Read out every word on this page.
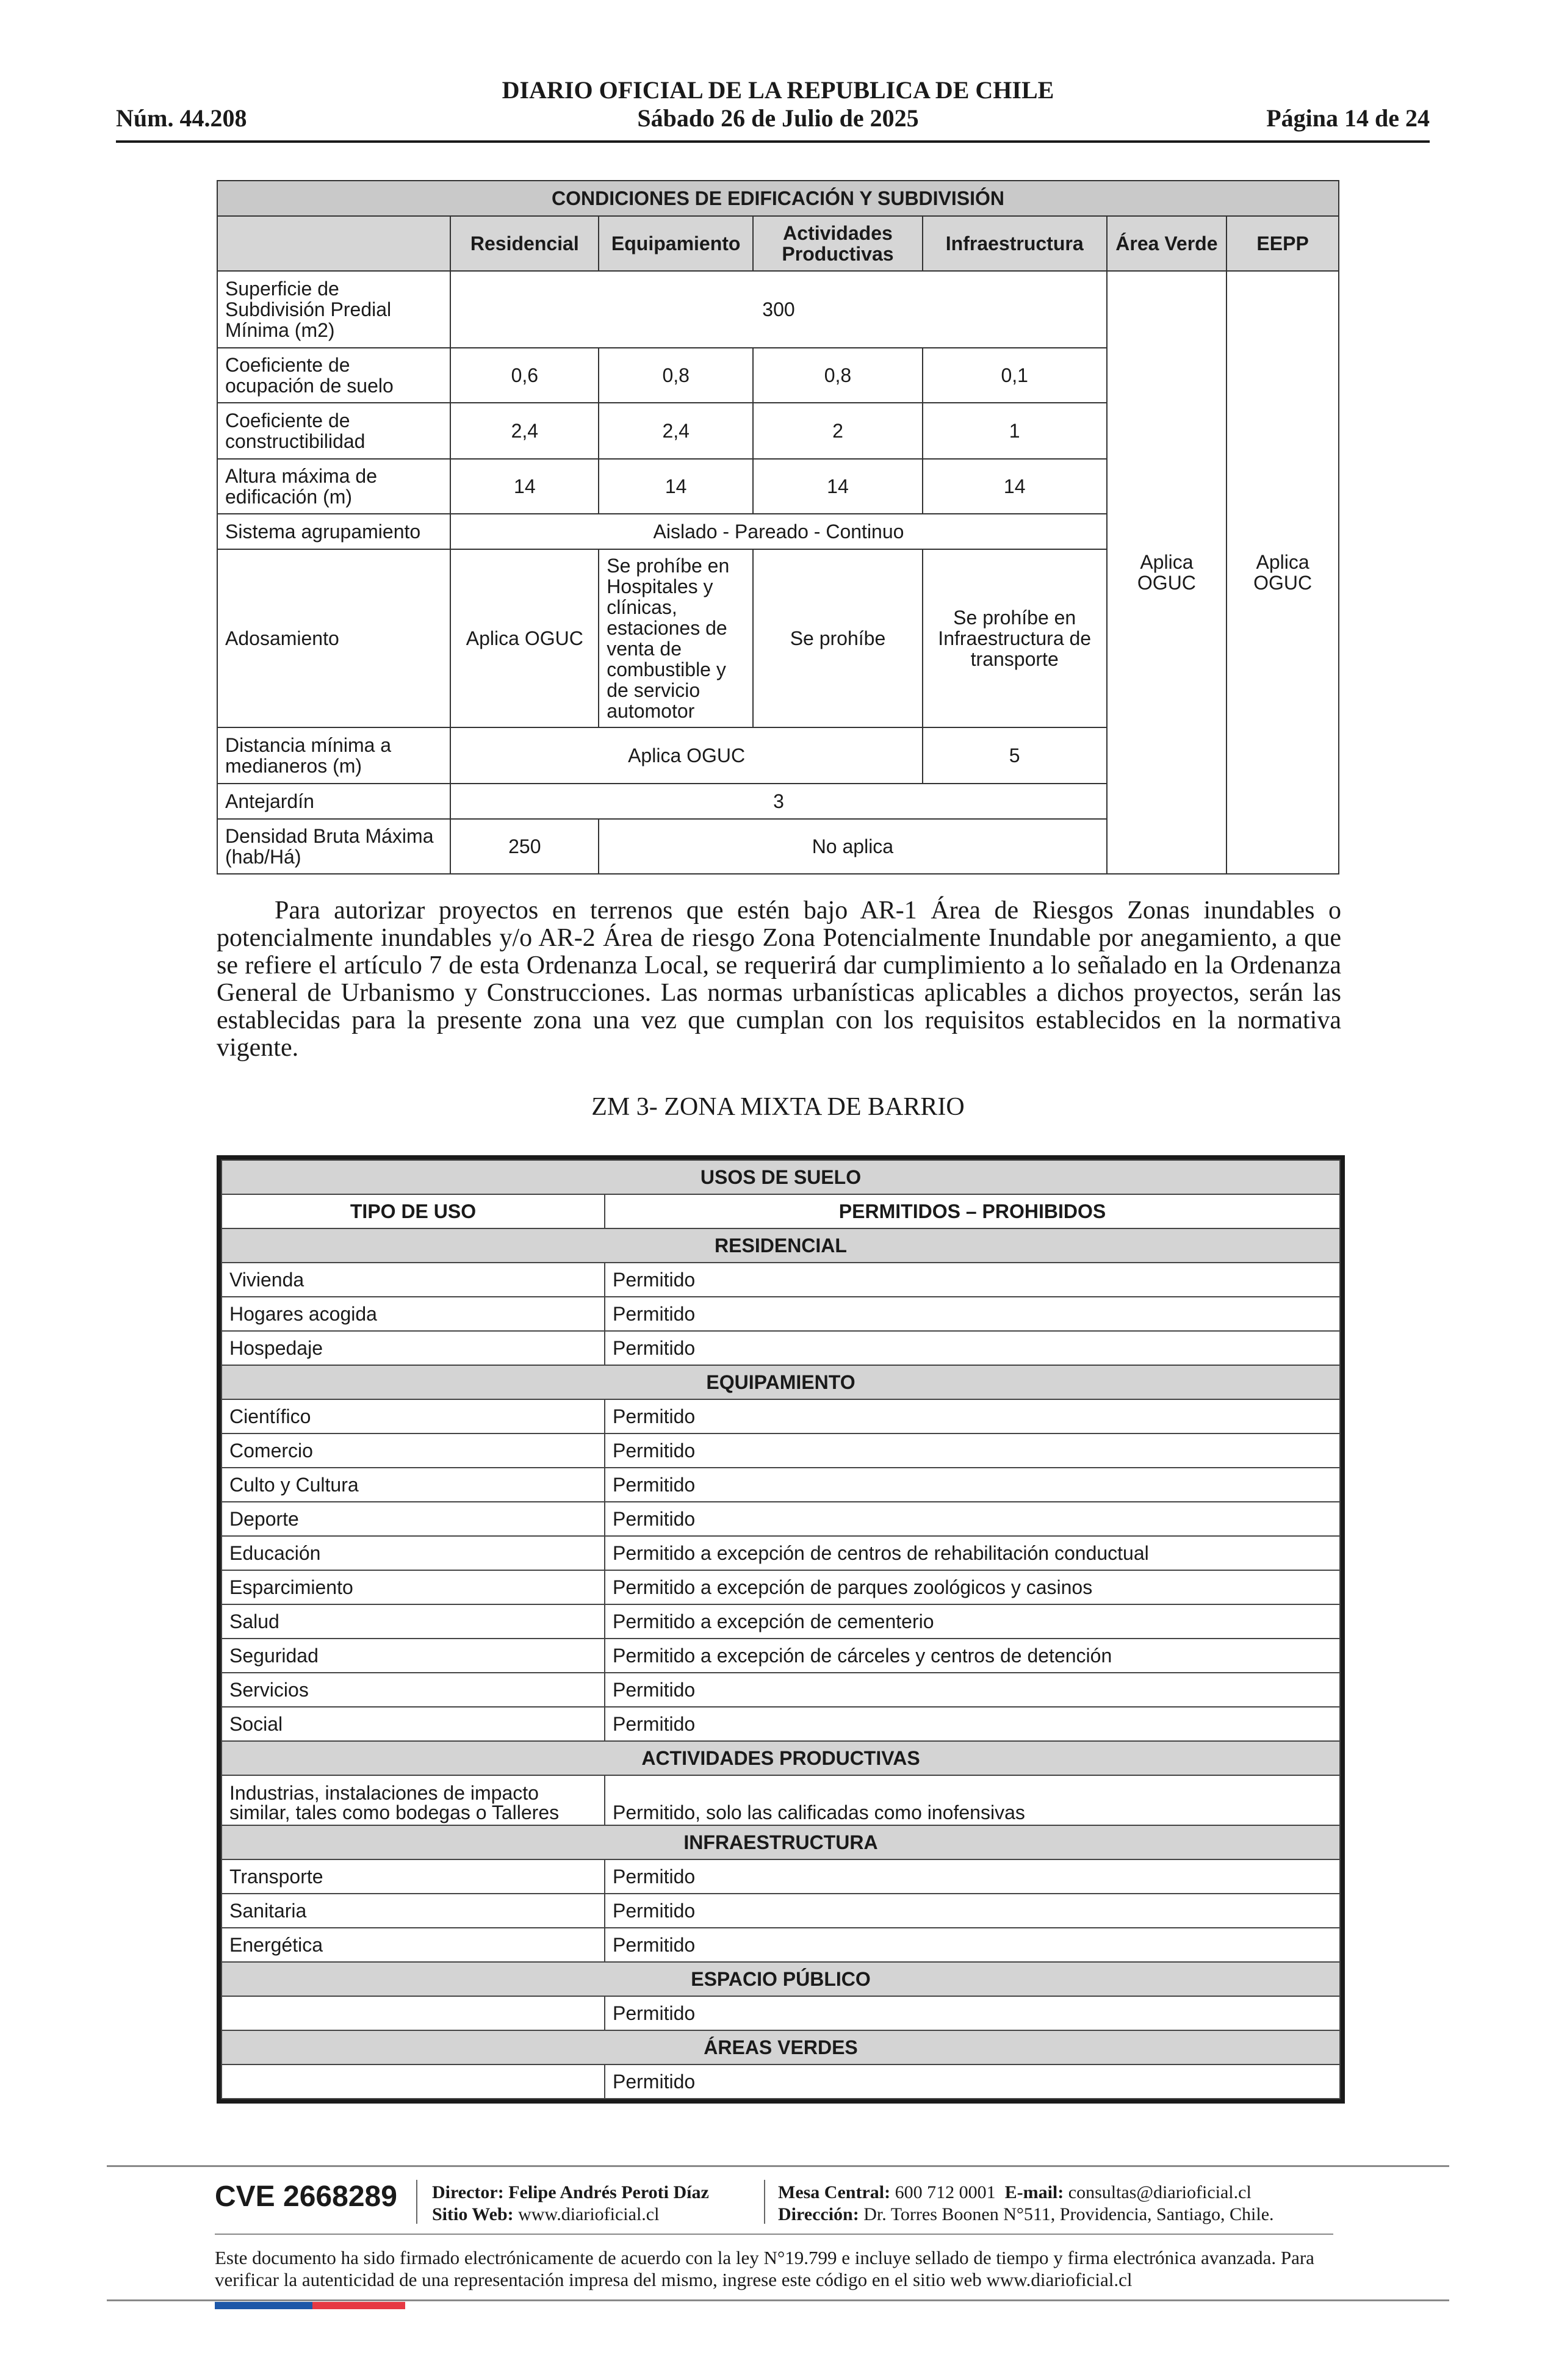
Núm. 44.208
DIARIO OFICIAL DE LA REPUBLICA DE CHILE
Sábado 26 de Julio de 2025	Página 14 de 24
CONDICIONES DE EDIFICACIÓN Y SUBDIVISIÓN						
	Residencial	Equipamiento	Actividades Productivas	Infraestructura	Área Verde	EEPP
Superficie de Subdivisión Predial Mínima (m2)	300				Aplica OGUC	Aplica OGUC
Coeficiente de ocupación de suelo	0,6	0,8	0,8	0,1		
Coeficiente de constructibilidad	2,4	2,4	2	1		
Altura máxima de edificación (m)	14	14	14	14		
Sistema agrupamiento	Aislado - Pareado - Continuo					
Adosamiento	Aplica OGUC	Se prohíbe en Hospitales y clínicas, estaciones de venta de combustible y de servicio automotor	Se prohíbe	Se prohíbe en Infraestructura de transporte		
Distancia mínima a medianeros (m)	Aplica OGUC			5		
Antejardín	3					
Densidad Bruta Máxima (hab/Há)	250	No aplica				
Para autorizar proyectos en terrenos que estén bajo AR-1 Área de Riesgos Zonas inundables o potencialmente inundables y/o AR-2 Área de riesgo Zona Potencialmente Inundable por anegamiento, a que se refiere el artículo 7 de esta Ordenanza Local, se requerirá dar cumplimiento a lo señalado en la Ordenanza General de Urbanismo y Construcciones. Las normas urbanísticas aplicables a dichos proyectos, serán las establecidas para la presente zona una vez que cumplan con los requisitos establecidos en la normativa vigente.
ZM 3- ZONA MIXTA DE BARRIO
USOS DE SUELO	
TIPO DE USO	PERMITIDOS – PROHIBIDOS
RESIDENCIAL	
Vivienda	Permitido
Hogares acogida	Permitido
Hospedaje	Permitido
EQUIPAMIENTO	
Científico	Permitido
Comercio	Permitido
Culto y Cultura	Permitido
Deporte	Permitido
Educación	Permitido a excepción de centros de rehabilitación conductual
Esparcimiento	Permitido a excepción de parques zoológicos y casinos
Salud	Permitido a excepción de cementerio
Seguridad	Permitido a excepción de cárceles y centros de detención
Servicios	Permitido
Social	Permitido
ACTIVIDADES PRODUCTIVAS	
Industrias, instalaciones de impacto similar, tales como bodegas o Talleres	Permitido, solo las calificadas como inofensivas
INFRAESTRUCTURA	
Transporte	Permitido
Sanitaria	Permitido
Energética	Permitido
ESPACIO PÚBLICO	
	Permitido
ÁREAS VERDES	
	Permitido
CVE 2668289 Director: Felipe Andrés Peroti Díaz
Sitio Web: www.diarioficial.cl
Mesa Central: 600 712 0001 E-mail: consultas@diarioficial.cl
Dirección: Dr. Torres Boonen N°511, Providencia, Santiago, Chile.
Este documento ha sido firmado electrónicamente de acuerdo con la ley N°19.799 e incluye sellado de tiempo y firma electrónica avanzada. Para verificar la autenticidad de una representación impresa del mismo, ingrese este código en el sitio web www.diarioficial.cl
